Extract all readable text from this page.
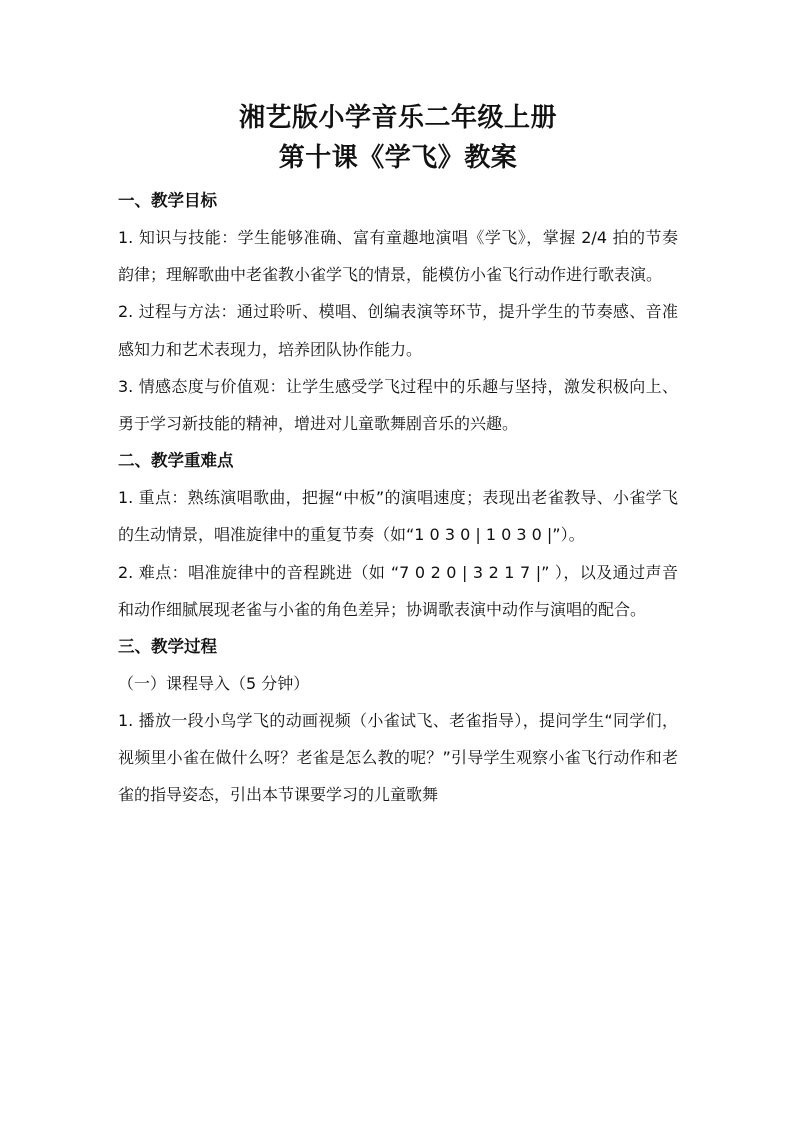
湘艺版小学音乐二年级上册
第十课《学飞》教案

一、教学目标

1. 知识与技能：学生能够准确、富有童趣地演唱《学飞》，掌握 2/4 拍的节奏韵律；理解歌曲中老雀教小雀学飞的情景，能模仿小雀飞行动作进行歌表演。

2. 过程与方法：通过聆听、模唱、创编表演等环节，提升学生的节奏感、音准感知力和艺术表现力，培养团队协作能力。

3. 情感态度与价值观：让学生感受学飞过程中的乐趣与坚持，激发积极向上、勇于学习新技能的精神，增进对儿童歌舞剧音乐的兴趣。

二、教学重难点

1. 重点：熟练演唱歌曲，把握“中板”的演唱速度；表现出老雀教导、小雀学飞的生动情景，唱准旋律中的重复节奏（如“1 0 3 0 | 1 0 3 0 |”）。

2. 难点：唱准旋律中的音程跳进（如 “7 0 2 0 | 3 2 1 7 |” ），以及通过声音和动作细腻展现老雀与小雀的角色差异；协调歌表演中动作与演唱的配合。

三、教学过程

（一）课程导入（5 分钟）

1. 播放一段小鸟学飞的动画视频（小雀试飞、老雀指导），提问学生“同学们，视频里小雀在做什么呀？老雀是怎么教的呢？”引导学生观察小雀飞行动作和老雀的指导姿态，引出本节课要学习的儿童歌舞
